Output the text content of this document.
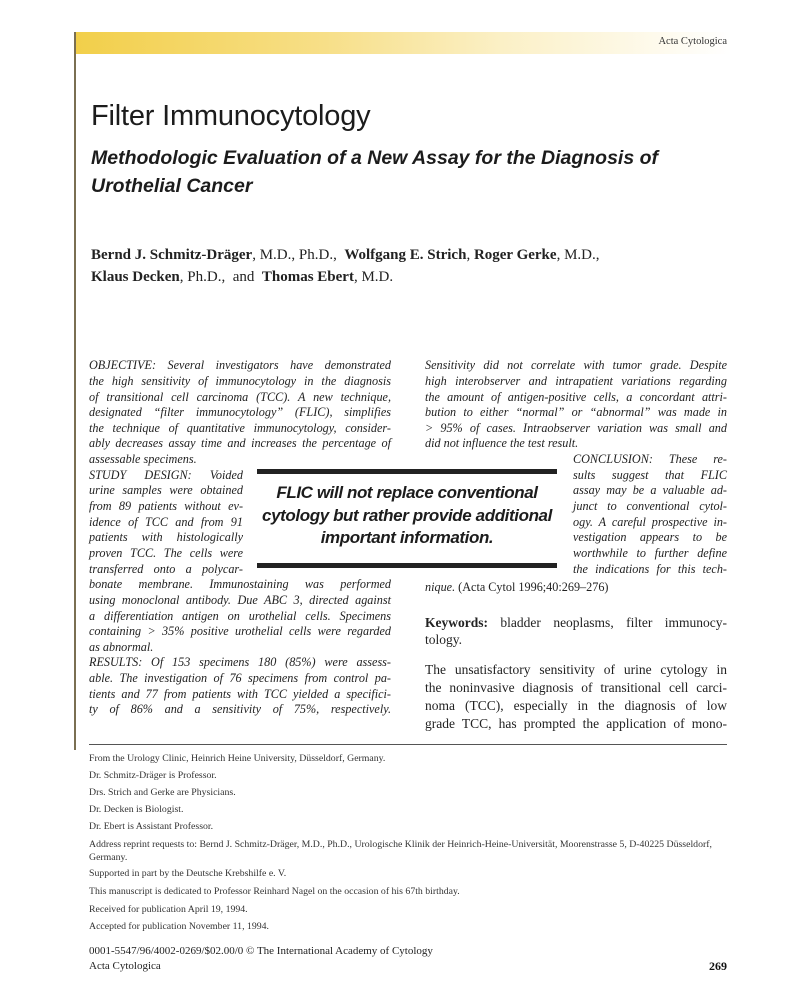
Acta Cytologica
Filter Immunocytology
Methodologic Evaluation of a New Assay for the Diagnosis of Urothelial Cancer
Bernd J. Schmitz-Dräger, M.D., Ph.D., Wolfgang E. Strich, Roger Gerke, M.D.,
Klaus Decken, Ph.D., and Thomas Ebert, M.D.
OBJECTIVE: Several investigators have demonstrated
the high sensitivity of immunocytology in the diagnosis
of transitional cell carcinoma (TCC). A new technique,
designated “filter immunocytology” (FLIC), simplifies
the technique of quantitative immunocytology, consider-
ably decreases assay time and increases the percentage of
assessable specimens.
STUDY DESIGN: Voided
urine samples were obtained
from 89 patients without ev-
idence of TCC and from 91
patients with histologically
proven TCC. The cells were
transferred onto a polycar-
bonate membrane. Immunostaining was performed
using monoclonal antibody. Due ABC 3, directed against
a differentiation antigen on urothelial cells. Specimens
containing > 35% positive urothelial cells were regarded
as abnormal.
RESULTS: Of 153 specimens 180 (85%) were assess-
able. The investigation of 76 specimens from control pa-
tients and 77 from patients with TCC yielded a specifici-
ty of 86% and a sensitivity of 75%, respectively.
Sensitivity did not correlate with tumor grade. Despite
high interobserver and intrapatient variations regarding
the amount of antigen-positive cells, a concordant attri-
bution to either “normal” or “abnormal” was made in
> 95% of cases. Intraobserver variation was small and
did not influence the test result.
CONCLUSION: These re-
sults suggest that FLIC
assay may be a valuable ad-
junct to conventional cytol-
ogy. A careful prospective in-
vestigation appears to be
worthwhile to further define
the indications for this tech-
nique. (Acta Cytol 1996;40:269–276)
FLIC will not replace conventional
cytology but rather provide additional
important information.
Keywords: bladder neoplasms, filter immunocy-
tology.
The unsatisfactory sensitivity of urine cytology in
the noninvasive diagnosis of transitional cell carci-
noma (TCC), especially in the diagnosis of low
grade TCC, has prompted the application of mono-
From the Urology Clinic, Heinrich Heine University, Düsseldorf, Germany.
Dr. Schmitz-Dräger is Professor.
Drs. Strich and Gerke are Physicians.
Dr. Decken is Biologist.
Dr. Ebert is Assistant Professor.
Address reprint requests to: Bernd J. Schmitz-Dräger, M.D., Ph.D., Urologische Klinik der Heinrich-Heine-Universität, Moorenstrasse 5, D-40225 Düsseldorf, Germany.
Supported in part by the Deutsche Krebshilfe e. V.
This manuscript is dedicated to Professor Reinhard Nagel on the occasion of his 67th birthday.
Received for publication April 19, 1994.
Accepted for publication November 11, 1994.
0001-5547/96/4002-0269/$02.00/0 © The International Academy of Cytology
Acta Cytologica	269
